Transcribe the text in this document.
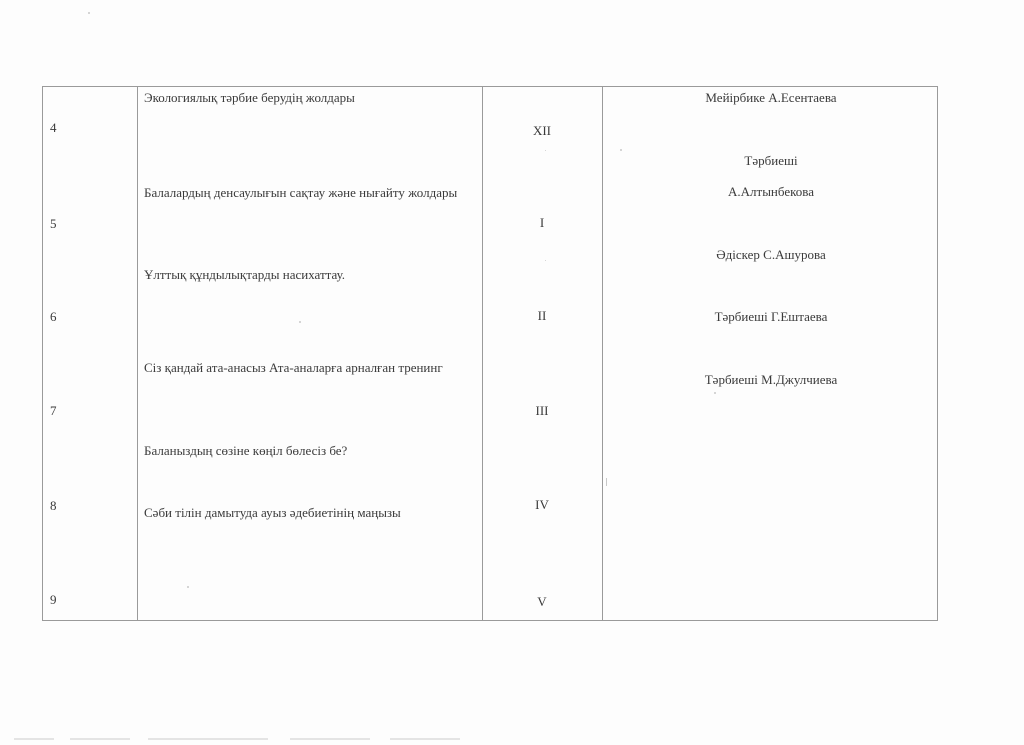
4
5
6
7
8
9
Экологиялық тәрбие берудің жолдары
Балалардың денсаулығын сақтау және нығайту жолдары
Ұлттық құндылықтарды насихаттау.
Сіз қандай ата-анасыз Ата-аналарға арналған тренинг
Баланыздың сөзіне көңіл бөлесіз бе?
Сәби тілін дамытуда ауыз әдебиетінің маңызы
XII
I
II
III
IV
V
Мейірбике А.Есентаева
Тәрбиеші
А.Алтынбекова
Әдіскер С.Ашурова
Тәрбиеші Г.Ештаева
Тәрбиеші М.Джулчиева
